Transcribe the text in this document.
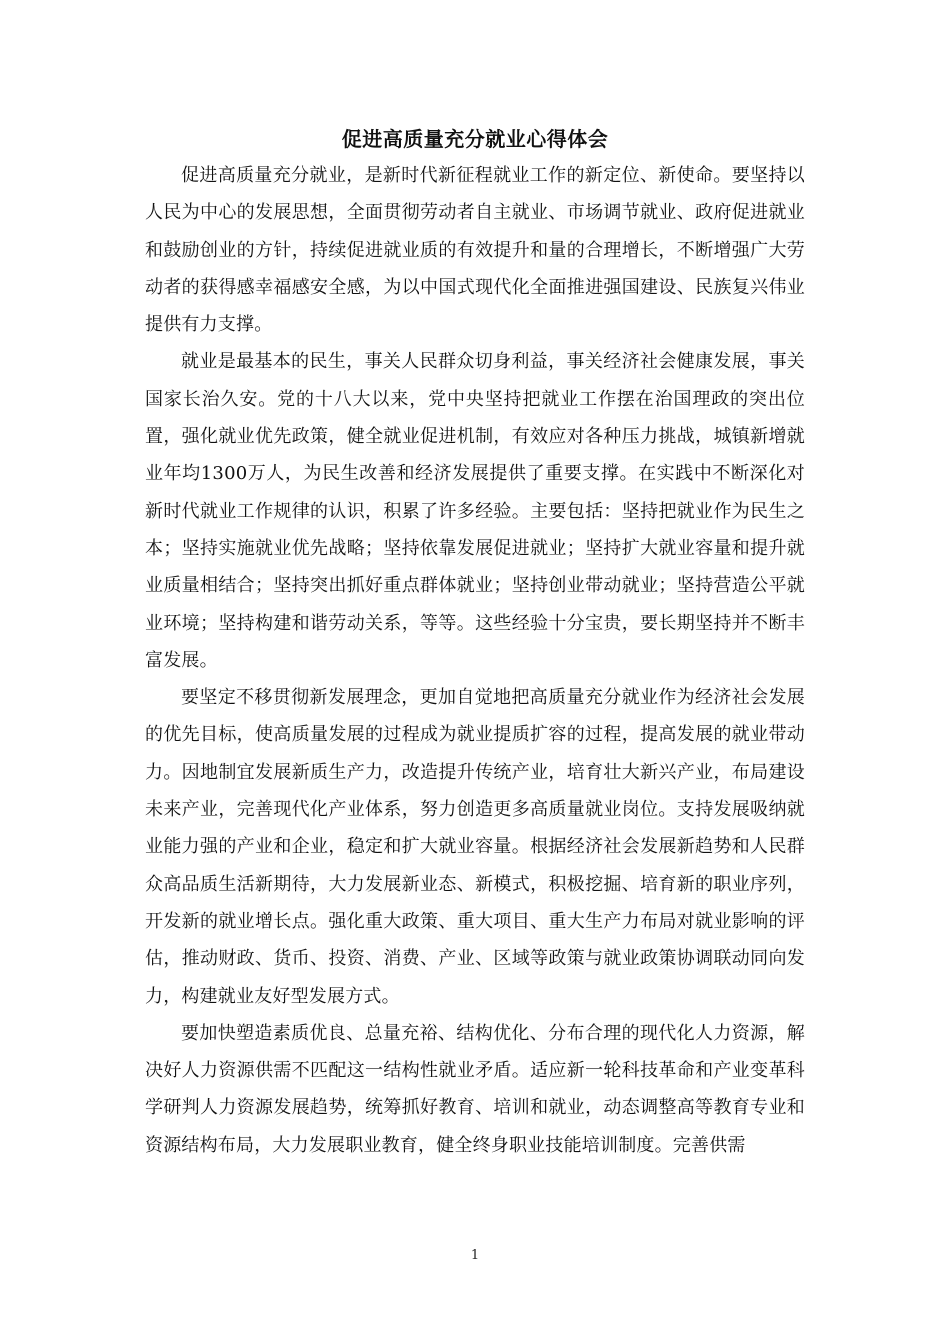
促进高质量充分就业心得体会

促进高质量充分就业，是新时代新征程就业工作的新定位、新使命。要坚持以人民为中心的发展思想，全面贯彻劳动者自主就业、市场调节就业、政府促进就业和鼓励创业的方针，持续促进就业质的有效提升和量的合理增长，不断增强广大劳动者的获得感幸福感安全感，为以中国式现代化全面推进强国建设、民族复兴伟业提供有力支撑。

就业是最基本的民生，事关人民群众切身利益，事关经济社会健康发展，事关国家长治久安。党的十八大以来，党中央坚持把就业工作摆在治国理政的突出位置，强化就业优先政策，健全就业促进机制，有效应对各种压力挑战，城镇新增就业年均1300万人，为民生改善和经济发展提供了重要支撑。在实践中不断深化对新时代就业工作规律的认识，积累了许多经验。主要包括：坚持把就业作为民生之本；坚持实施就业优先战略；坚持依靠发展促进就业；坚持扩大就业容量和提升就业质量相结合；坚持突出抓好重点群体就业；坚持创业带动就业；坚持营造公平就业环境；坚持构建和谐劳动关系，等等。这些经验十分宝贵，要长期坚持并不断丰富发展。

要坚定不移贯彻新发展理念，更加自觉地把高质量充分就业作为经济社会发展的优先目标，使高质量发展的过程成为就业提质扩容的过程，提高发展的就业带动力。因地制宜发展新质生产力，改造提升传统产业，培育壮大新兴产业，布局建设未来产业，完善现代化产业体系，努力创造更多高质量就业岗位。支持发展吸纳就业能力强的产业和企业，稳定和扩大就业容量。根据经济社会发展新趋势和人民群众高品质生活新期待，大力发展新业态、新模式，积极挖掘、培育新的职业序列，开发新的就业增长点。强化重大政策、重大项目、重大生产力布局对就业影响的评估，推动财政、货币、投资、消费、产业、区域等政策与就业政策协调联动同向发力，构建就业友好型发展方式。

要加快塑造素质优良、总量充裕、结构优化、分布合理的现代化人力资源，解决好人力资源供需不匹配这一结构性就业矛盾。适应新一轮科技革命和产业变革科学研判人力资源发展趋势，统筹抓好教育、培训和就业，动态调整高等教育专业和资源结构布局，大力发展职业教育，健全终身职业技能培训制度。完善供需

1
